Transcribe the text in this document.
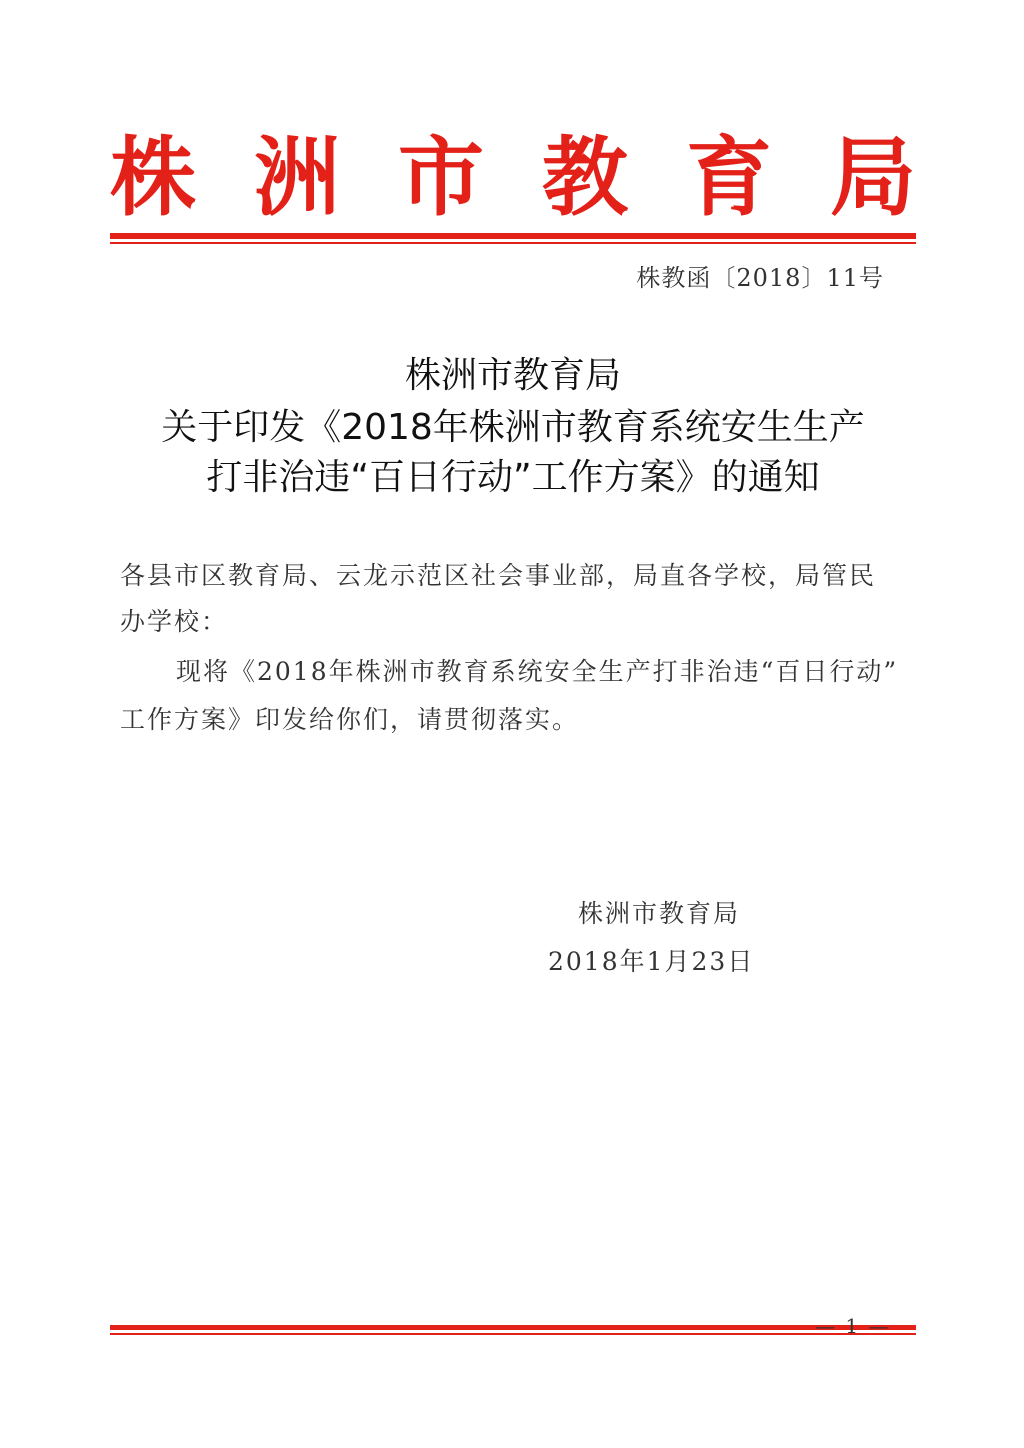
株 洲 市 教 育 局
株教函〔2018〕11号
株洲市教育局
关于印发《2018年株洲市教育系统安生生产
打非治违“百日行动”工作方案》的通知
各县市区教育局、云龙示范区社会事业部，局直各学校，局管民
办学校：
现将《2018年株洲市教育系统安全生产打非治违“百日行动”
工作方案》印发给你们，请贯彻落实。
株洲市教育局
2018年1月23日
— 1 —
